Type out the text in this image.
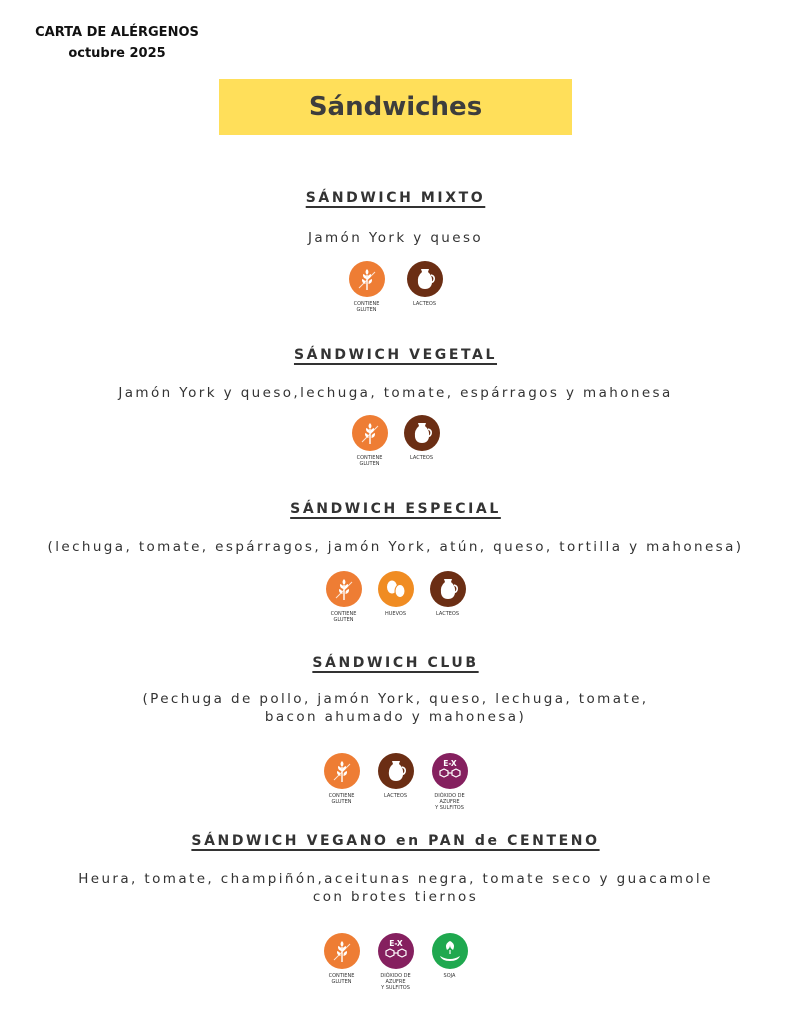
CARTA DE ALÉRGENOS
octubre 2025
Sándwiches
SÁNDWICH MIXTO
Jamón York y queso
CONTIENE
GLUTEN
LACTEOS
SÁNDWICH VEGETAL
Jamón York y queso,lechuga, tomate, espárragos y mahonesa
CONTIENE
GLUTEN
LACTEOS
SÁNDWICH ESPECIAL
(lechuga, tomate, espárragos, jamón York, atún, queso, tortilla y mahonesa)
CONTIENE
GLUTEN
HUEVOS	LACTEOS
SÁNDWICH CLUB
(Pechuga de pollo, jamón York, queso, lechuga, tomate,
bacon ahumado y mahonesa)
CONTIENE
GLUTEN
LACTEOS
E-X
DIÓXIDO DE AZUFRE
Y SULFITOS
SÁNDWICH VEGANO en PAN de CENTENO
Heura, tomate, champiñón,aceitunas negra, tomate seco y guacamole
con brotes tiernos
CONTIENE
GLUTEN
E-X
DIÓXIDO DE AZUFRE
Y SULFITOS
SOJA
